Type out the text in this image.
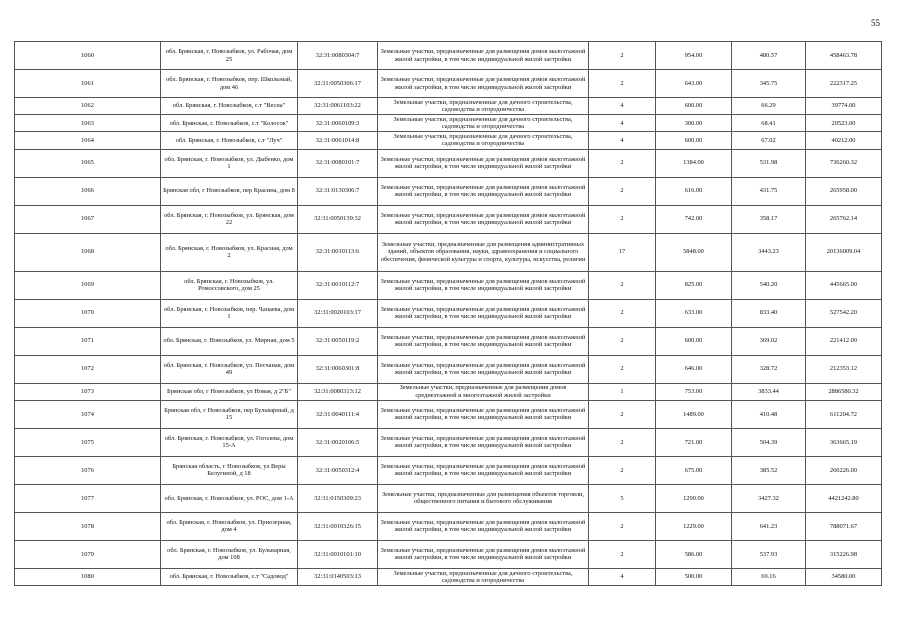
55
1060	обл. Брянская, г. Новозыбков, ул. Рабочая, дом 25	32:31:0080304:7	Земельные участки, предназначенные для размещения домов малоэтажной жилой застройки, в том числе индивидуальной жилой застройки	2	954.00	480.57	458463.78
1061	обл. Брянская, г. Новозыбков, пер. Школьный, дом 46	32:31:0050306:17	Земельные участки, предназначенные для размещения домов малоэтажной жилой застройки, в том числе индивидуальной жилой застройки	2	643.00	345.75	222317.25
1062	обл. Брянская, г. Новозыбков, с.т "Весна"	32:31:0061103:22	Земельные участки, предназначенные для дачного строительства, садоводства и огородничества	4	600.00	66.29	39774.00
1063	обл. Брянская, г. Новозыбков, с.т "Колосок"	32:31:0060109:3	Земельные участки, предназначенные для дачного строительства, садоводства и огородничества	4	300.00	68.41	20523.00
1064	обл. Брянская, г. Новозыбков, с.т "Луч"	32:31:0061014:8	Земельные участки, предназначенные для дачного строительства, садоводства и огородничества	4	600.00	67.02	40212.00
1065	обл. Брянская, г. Новозыбков, ул. Дыбенко, дом 1	32:31:0080101:7	Земельные участки, предназначенные для размещения домов малоэтажной жилой застройки, в том числе индивидуальной жилой застройки	2	1384.00	531.98	736260.32
1066	Брянская обл, г Новозыбков, пер Красина, дом 8	32:31:0130306:7	Земельные участки, предназначенные для размещения домов малоэтажной жилой застройки, в том числе индивидуальной жилой застройки	2	616.00	431.75	265958.00
1067	обл. Брянская, г. Новозыбков, ул. Брянская, дом 22	32:31:0050139:32	Земельные участки, предназначенные для размещения домов малоэтажной жилой застройки, в том числе индивидуальной жилой застройки	2	742.00	358.17	265762.14
1068	обл. Брянская, г. Новозыбков, ул. Красная, дом 2	32:31:0010113:6	Земельные участки, предназначенные для размещения административных зданий, объектов образования, науки, здравоохранения и социального обеспечения, физической культуры и спорта, культуры, искусства, религии	17	5848.00	3443.23	20136009.04
1069	обл. Брянская, г. Новозыбков, ул. Ромоссовского, дом 25	32:31:0010112:7	Земельные участки, предназначенные для размещения домов малоэтажной жилой застройки, в том числе индивидуальной жилой застройки	2	825.00	540.20	445665.00
1070	обл. Брянская, г. Новозыбков, пер. Чапаева, дом 1	32:31:0020103:17	Земельные участки, предназначенные для размещения домов малоэтажной жилой застройки, в том числе индивидуальной жилой застройки	2	633.00	833.40	527542.20
1071	обл. Брянская, г. Новозыбков, ул. Мирная, дом 5	32:31:0050119:2	Земельные участки, предназначенные для размещения домов малоэтажной жилой застройки, в том числе индивидуальной жилой застройки	2	600.00	369.02	221412.00
1072	обл. Брянская, г. Новозыбков, ул. Песчаная, дом 49	32:31:0060301:8	Земельные участки, предназначенные для размещения домов малоэтажной жилой застройки, в том числе индивидуальной жилой застройки	2	646.00	328.72	212353.12
1073	Брянская обл, г Новозыбков, ул Новая, д 2"Б"	32:31:0080313:12	Земельные участки, предназначенные для размещения домов среднеэтажной и многоэтажной жилой застройки	1	753.00	3833.44	2886580.32
1074	Брянская обл, г Новозыбков, пер Бульварный, д 15	32:31:0040111:4	Земельные участки, предназначенные для размещения домов малоэтажной жилой застройки, в том числе индивидуальной жилой застройки	2	1489.00	410.48	611204.72
1075	обл. Брянская, г. Новозыбков, ул. Гоголева, дом 15-А	32:31:0020106:5	Земельные участки, предназначенные для размещения домов малоэтажной жилой застройки, в том числе индивидуальной жилой застройки	2	721.00	504.39	363665.19
1076	Брянская область, г Новозыбков, ул Веры Белугиной, д 18	32:31:0050312:4	Земельные участки, предназначенные для размещения домов малоэтажной жилой застройки, в том числе индивидуальной жилой застройки	2	675.00	385.52	260226.00
1077	обл. Брянская, г. Новозыбков, ул. РОС, дом 1-А	32:31:0150309:23	Земельные участки, предназначенные для размещения объектов торговли, общественного питания и бытового обслуживания	5	1290.00	3427.32	4421242.80
1078	обл. Брянская, г. Новозыбков, ул. Приозерная, дом 4	32:31:0010326:15	Земельные участки, предназначенные для размещения домов малоэтажной жилой застройки, в том числе индивидуальной жилой застройки	2	1229.00	641.23	788071.67
1079	обл. Брянская, г. Новозыбков, ул. Бульварная, дом 108	32:31:0010101:10	Земельные участки, предназначенные для размещения домов малоэтажной жилой застройки, в том числе индивидуальной жилой застройки	2	586.00	537.93	315226.98
1080	обл. Брянская, г. Новозыбков, с.т "Садовод"	32:31:0140503:13	Земельные участки, предназначенные для дачного строительства, садоводства и огородничества	4	500.00	69.16	34580.00
